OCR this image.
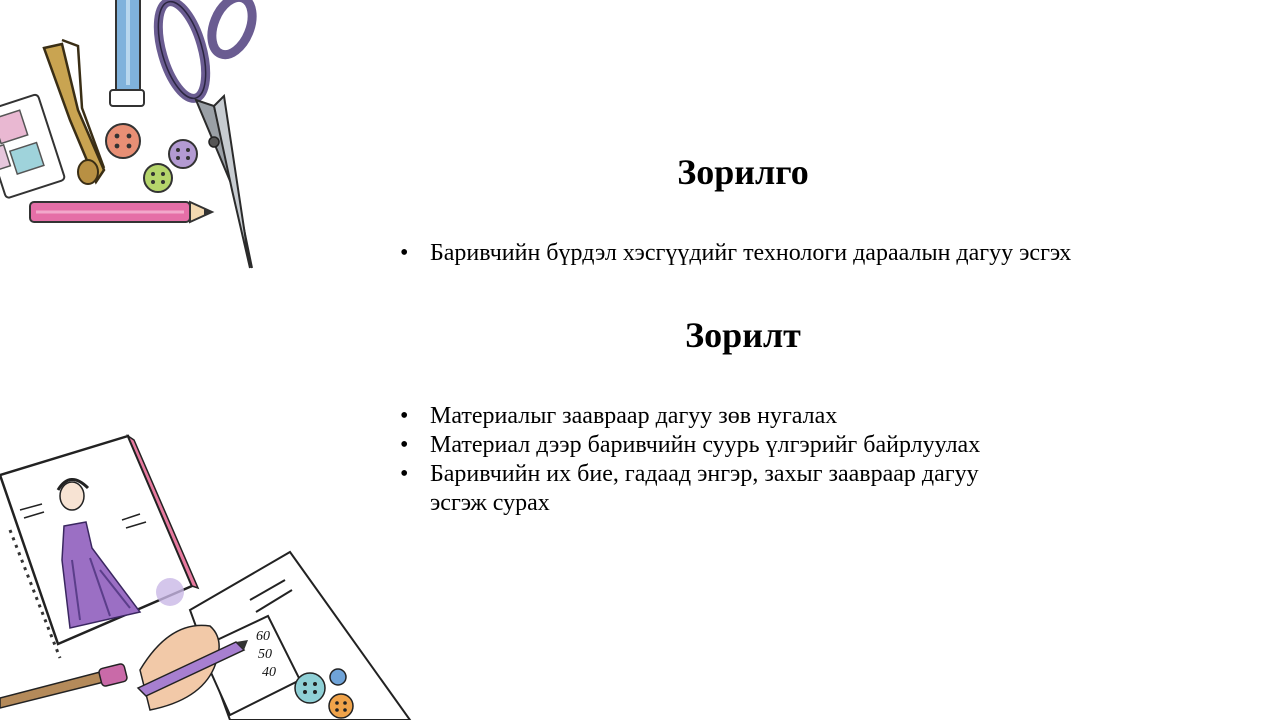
60
50
40
Зорилго
• Баривчийн бүрдэл хэсгүүдийг технологи дараалын дагуу эсгэх
Зорилт
• Материалыг заавраар дагуу зөв нугалах
• Материал дээр баривчийн суурь үлгэрийг байрлуулах
• Баривчийн их бие, гадаад энгэр, захыг заавраар дагуу эсгэж сурах
